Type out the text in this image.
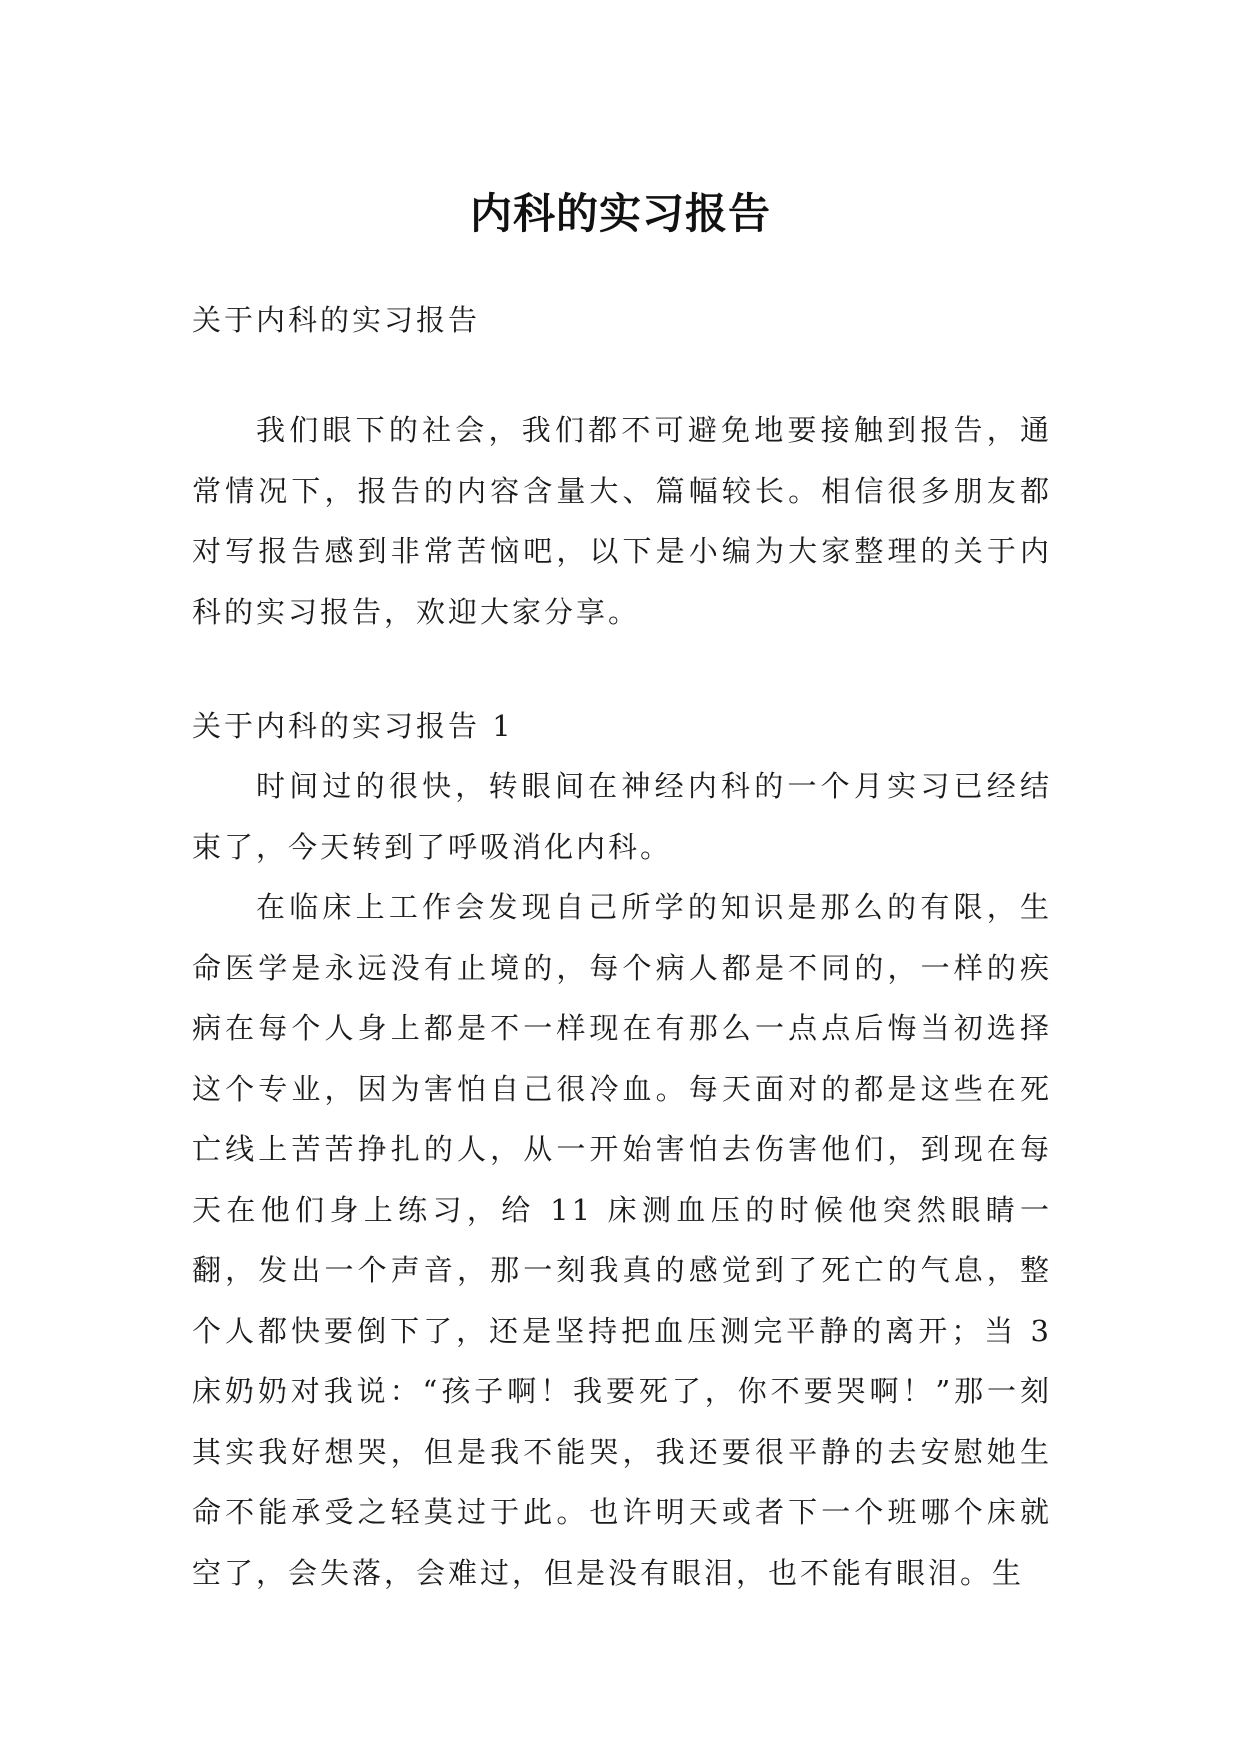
内科的实习报告

关于内科的实习报告

我们眼下的社会，我们都不可避免地要接触到报告，通常情况下，报告的内容含量大、篇幅较长。相信很多朋友都对写报告感到非常苦恼吧，以下是小编为大家整理的关于内科的实习报告，欢迎大家分享。

关于内科的实习报告 1

时间过的很快，转眼间在神经内科的一个月实习已经结束了，今天转到了呼吸消化内科。

在临床上工作会发现自己所学的知识是那么的有限，生命医学是永远没有止境的，每个病人都是不同的，一样的疾病在每个人身上都是不一样现在有那么一点点后悔当初选择这个专业，因为害怕自己很冷血。每天面对的都是这些在死亡线上苦苦挣扎的人，从一开始害怕去伤害他们，到现在每天在他们身上练习，给 11 床测血压的时候他突然眼睛一翻，发出一个声音，那一刻我真的感觉到了死亡的气息，整个人都快要倒下了，还是坚持把血压测完平静的离开；当 3 床奶奶对我说：“孩子啊！我要死了，你不要哭啊！”那一刻其实我好想哭，但是我不能哭，我还要很平静的去安慰她生命不能承受之轻莫过于此。也许明天或者下一个班哪个床就空了，会失落，会难过，但是没有眼泪，也不能有眼泪。生
